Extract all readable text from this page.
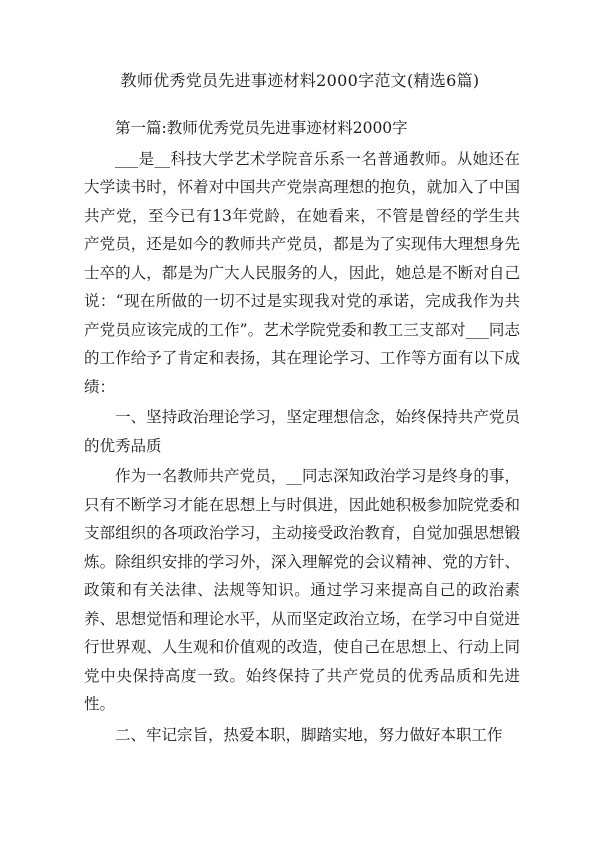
教师优秀党员先进事迹材料2000字范文(精选6篇)

第一篇:教师优秀党员先进事迹材料2000字

___是__科技大学艺术学院音乐系一名普通教师。从她还在大学读书时，怀着对中国共产党崇高理想的抱负，就加入了中国共产党，至今已有13年党龄，在她看来，不管是曾经的学生共产党员，还是如今的教师共产党员，都是为了实现伟大理想身先士卒的人，都是为广大人民服务的人，因此，她总是不断对自己说：“现在所做的一切不过是实现我对党的承诺，完成我作为共产党员应该完成的工作”。艺术学院党委和教工三支部对___同志的工作给予了肯定和表扬，其在理论学习、工作等方面有以下成绩：

一、坚持政治理论学习，坚定理想信念，始终保持共产党员的优秀品质

作为一名教师共产党员，__同志深知政治学习是终身的事，只有不断学习才能在思想上与时俱进，因此她积极参加院党委和支部组织的各项政治学习，主动接受政治教育，自觉加强思想锻炼。除组织安排的学习外，深入理解党的会议精神、党的方针、政策和有关法律、法规等知识。通过学习来提高自己的政治素养、思想觉悟和理论水平，从而坚定政治立场，在学习中自觉进行世界观、人生观和价值观的改造，使自己在思想上、行动上同党中央保持高度一致。始终保持了共产党员的优秀品质和先进性。

二、牢记宗旨，热爱本职，脚踏实地，努力做好本职工作
